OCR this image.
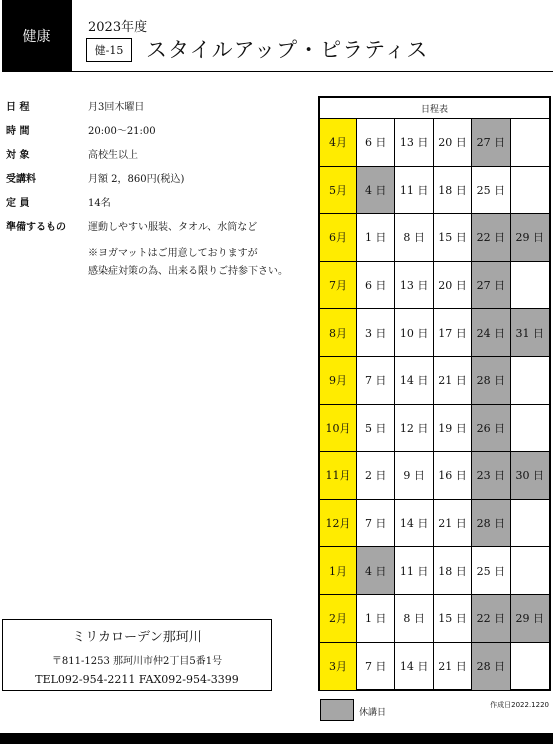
健康
2023年度
健-15	スタイルアップ・ピラティス
日 程	月3回木曜日
時 間	20:00〜21:00
対 象	高校生以上
受講料	月額 2，860円(税込)
定 員	14名
準備するもの 運動しやすい服装、タオル、水筒など
※ヨガマットはご用意しておりますが
感染症対策の為、出来る限りご持参下さい。
ミリカローデン那珂川
〒811-1253 那珂川市仲2丁目5番1号
TEL092-954-2211 FAX092-954-3399
日程表
4月	6 日	13 日 20 日 27 日
5月	4 日	11 日 18 日 25 日
6月	1 日	8 日	15 日 22 日 29 日
7月	6 日	13 日 20 日 27 日
8月	3 日	10 日 17 日 24 日 31 日
9月	7 日	14 日 21 日 28 日
10月	5 日	12 日 19 日 26 日
11月	2 日	9 日	16 日 23 日 30 日
12月	7 日	14 日 21 日 28 日
1月	4 日	11 日 18 日 25 日
2月	1 日	8 日	15 日 22 日 29 日
3月	7 日	14 日 21 日 28 日
休講日
作成日2022.1220
